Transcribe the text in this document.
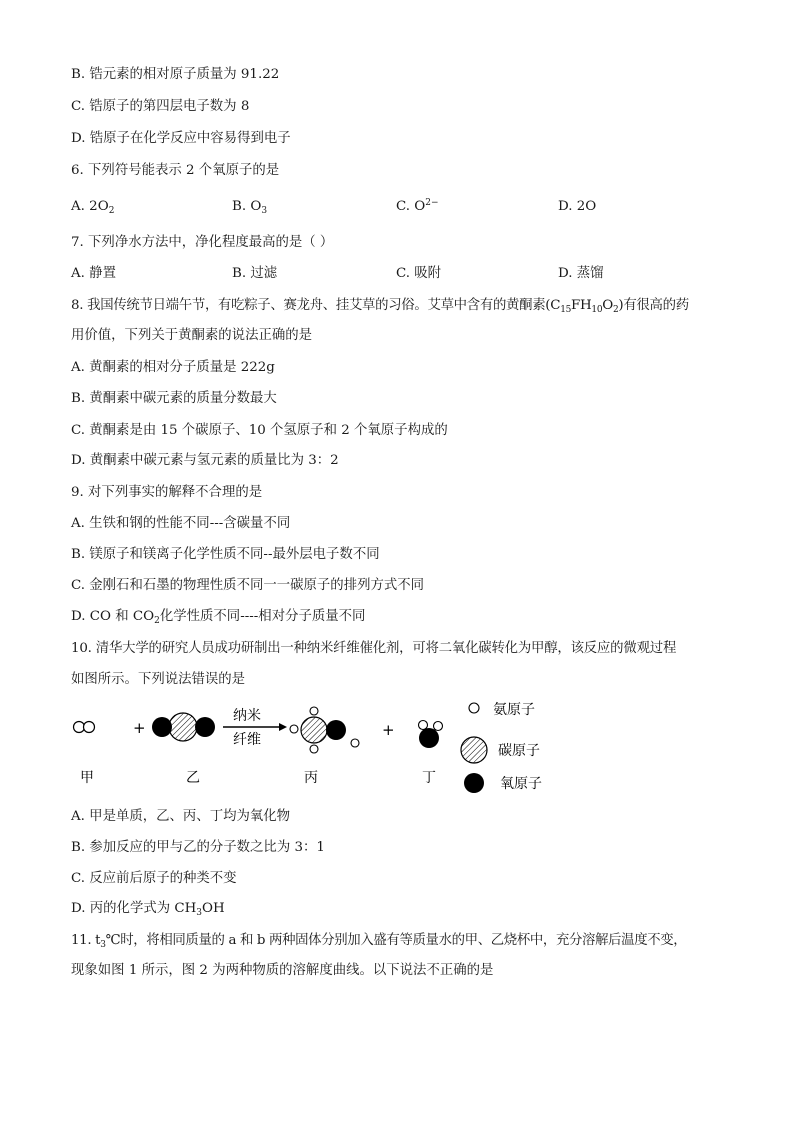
B. 锆元素的相对原子质量为 91.22
C. 锆原子的第四层电子数为 8
D. 锆原子在化学反应中容易得到电子
6. 下列符号能表示 2 个氧原子的是
A. $2O_2$	B. $O_3$	C. $O^{2-}$	D. 2O
7. 下列净水方法中，净化程度最高的是（ ）
A. 静置	B. 过滤	C. 吸附	D. 蒸馏
8. 我国传统节日端午节，有吃粽子、赛龙舟、挂艾草的习俗。艾草中含有的黄酮素$(C_{15}FH_{10}O_2)$有很高的药
用价值，下列关于黄酮素的说法正确的是
A. 黄酮素的相对分子质量是 222g
B. 黄酮素中碳元素的质量分数最大
C. 黄酮素是由 15 个碳原子、10 个氢原子和 2 个氧原子构成的
D. 黄酮素中碳元素与氢元素的质量比为 3：2
9. 对下列事实的解释不合理的是
A. 生铁和钢的性能不同---含碳量不同
B. 镁原子和镁离子化学性质不同--最外层电子数不同
C. 金刚石和石墨的物理性质不同一一碳原子的排列方式不同
D. CO 和 $CO_2$化学性质不同----相对分子质量不同
10. 清华大学的研究人员成功研制出一种纳米纤维催化剂，可将二氧化碳转化为甲醇，该反应的微观过程
如图所示。下列说法错误的是
+
纳米
纤维
+
氨原子
碳原子
氧原子
甲	乙	丙	丁
A. 甲是单质，乙、丙、丁均为氧化物
B. 参加反应的甲与乙的分子数之比为 3：1
C. 反应前后原子的种类不变
D. 丙的化学式为 $CH_3OH$
11. $t_3℃$时，将相同质量的 a 和 b 两种固体分别加入盛有等质量水的甲、乙烧杯中，充分溶解后温度不变，
现象如图 1 所示，图 2 为两种物质的溶解度曲线。以下说法不正确的是
